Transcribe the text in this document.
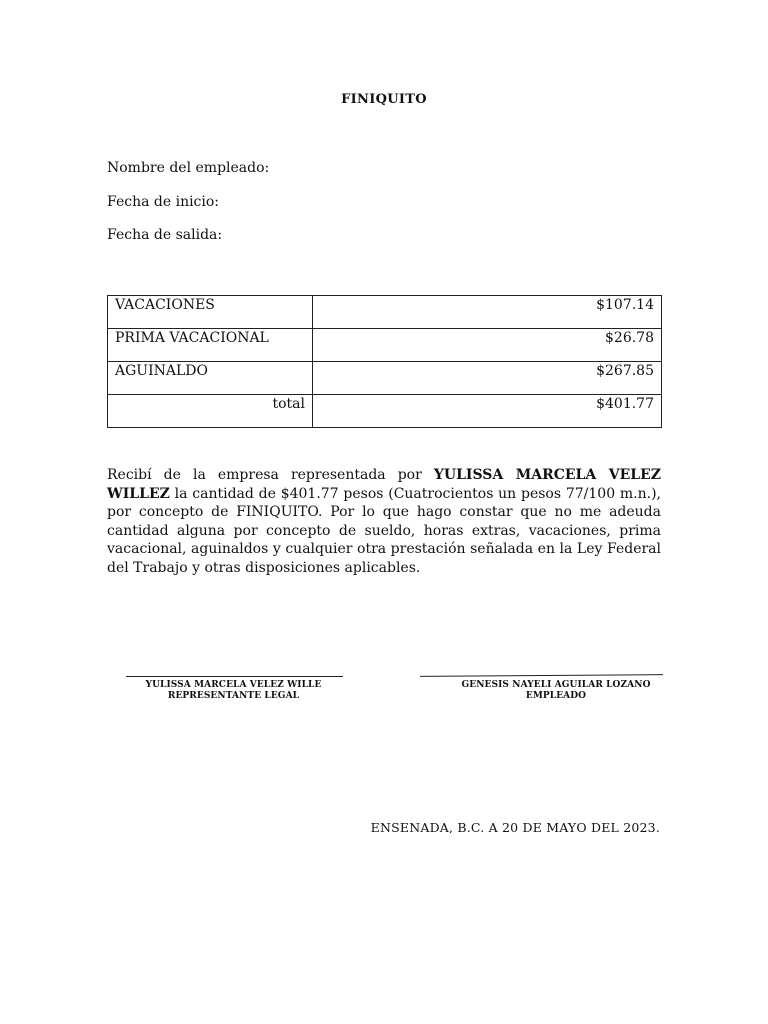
FINIQUITO
Nombre del empleado:
Fecha de inicio:
Fecha de salida:
VACACIONES	$107.14
PRIMA VACACIONAL	$26.78
AGUINALDO	$267.85
total	$401.77

Recibí de la empresa representada por YULISSA MARCELA VELEZ WILLEZ la cantidad de $401.77 pesos (Cuatrocientos un pesos 77/100 m.n.), por concepto de FINIQUITO. Por lo que hago constar que no me adeuda cantidad alguna por concepto de sueldo, horas extras, vacaciones, prima vacacional, aguinaldos y cualquier otra prestación señalada en la Ley Federal del Trabajo y otras disposiciones aplicables.

YULISSA MARCELA VELEZ WILLE
REPRESENTANTE LEGAL
GENESIS NAYELI AGUILAR LOZANO
EMPLEADO
ENSENADA, B.C. A 20 DE MAYO DEL 2023.
